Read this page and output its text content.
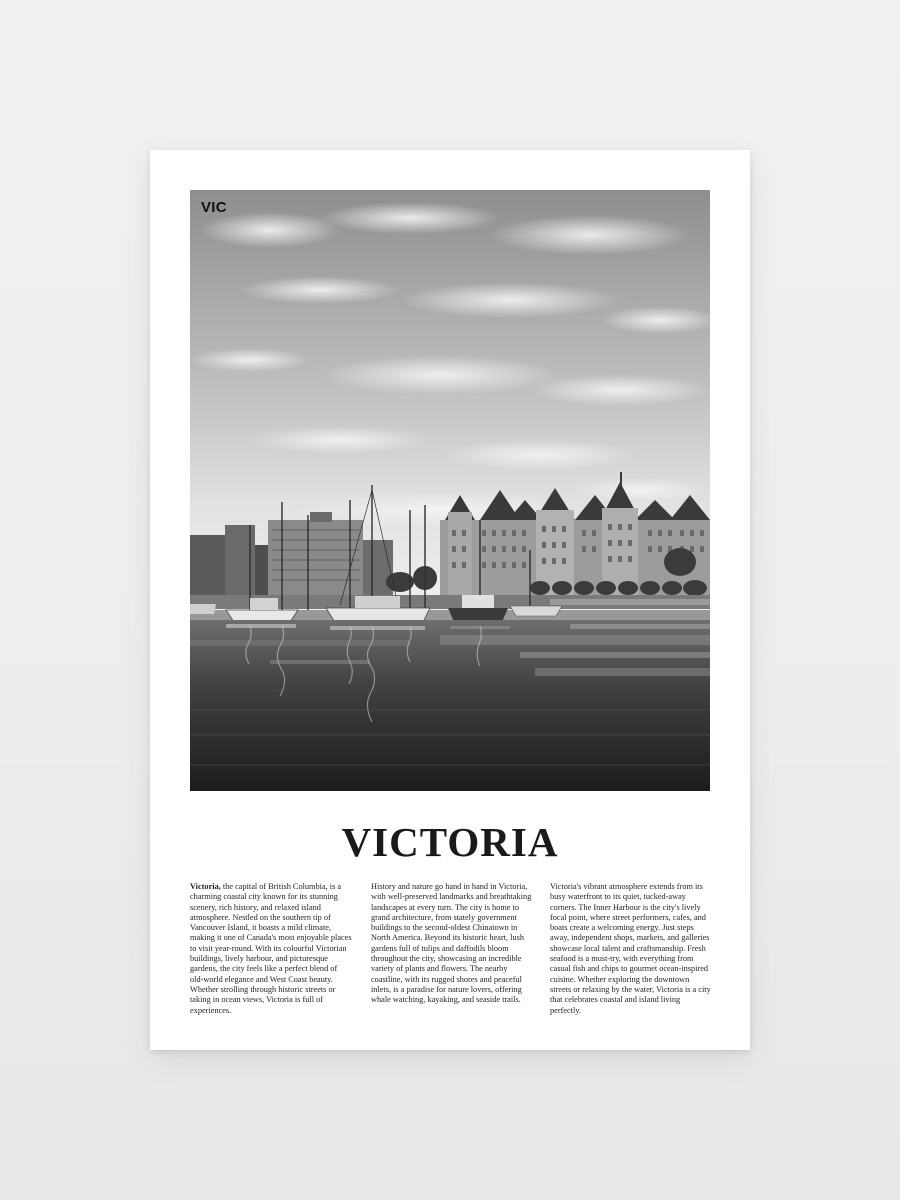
VIC
VICTORIA

Victoria, the capital of British Columbia, is a charming coastal city known for its stunning scenery, rich history, and relaxed island atmosphere. Nestled on the southern tip of Vancouver Island, it boasts a mild climate, making it one of Canada's most enjoyable places to visit year-round. With its colourful Victorian buildings, lively harbour, and picturesque gardens, the city feels like a perfect blend of old-world elegance and West Coast beauty. Whether strolling through historic streets or taking in ocean views, Victoria is full of experiences.

History and nature go hand in hand in Victoria, with well-preserved landmarks and breathtaking landscapes at every turn. The city is home to grand architecture, from stately government buildings to the second-oldest Chinatown in North America. Beyond its historic heart, lush gardens full of tulips and daffodils bloom throughout the city, showcasing an incredible variety of plants and flowers. The nearby coastline, with its rugged shores and peaceful inlets, is a paradise for nature lovers, offering whale watching, kayaking, and seaside trails.

Victoria's vibrant atmosphere extends from its busy waterfront to its quiet, tucked-away corners. The Inner Harbour is the city's lively focal point, where street performers, cafes, and boats create a welcoming energy. Just steps away, independent shops, markets, and galleries showcase local talent and craftsmanship. Fresh seafood is a must-try, with everything from casual fish and chips to gourmet ocean-inspired cuisine. Whether exploring the downtown streets or relaxing by the water, Victoria is a city that celebrates coastal and island living perfectly.
